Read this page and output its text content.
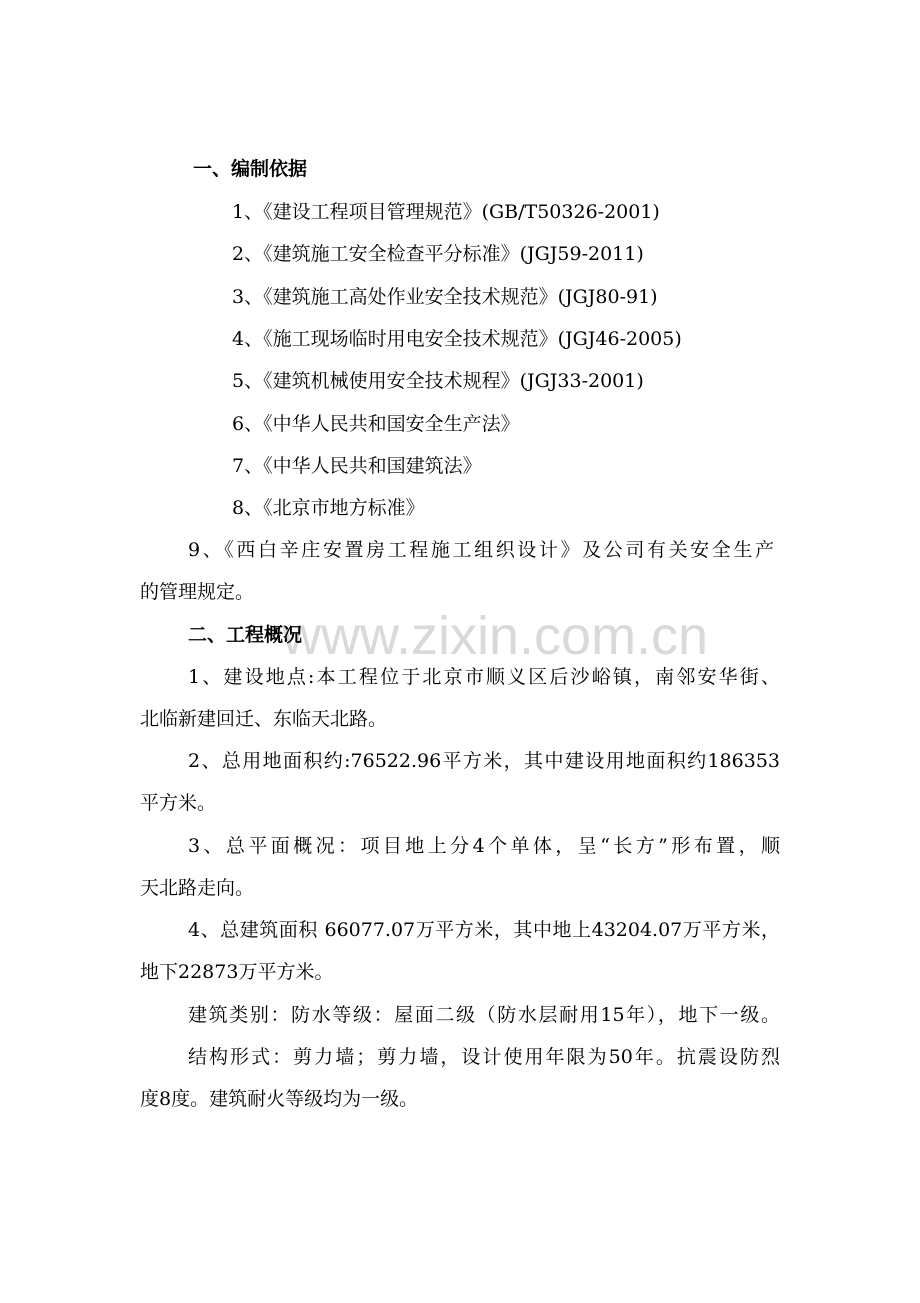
www.zixin.com.cn
一、编制依据
1、《建设工程项目管理规范》(GB/T50326-2001)
2、《建筑施工安全检查平分标准》(JGJ59-2011)
3、《建筑施工高处作业安全技术规范》(JGJ80-91)
4、《施工现场临时用电安全技术规范》(JGJ46-2005)
5、《建筑机械使用安全技术规程》(JGJ33-2001)
6、《中华人民共和国安全生产法》
7、《中华人民共和国建筑法》
8、《北京市地方标准》
9、《西白辛庄安置房工程施工组织设计》及公司有关安全生产
的管理规定。
二、工程概况
1、建设地点:本工程位于北京市顺义区后沙峪镇，南邻安华街、
北临新建回迁、东临天北路。
2、总用地面积约:76522.96平方米，其中建设用地面积约186353
平方米。
3、总平面概况：项目地上分4个单体，呈“长方”形布置，顺
天北路走向。
4、总建筑面积 66077.07万平方米，其中地上43204.07万平方米，
地下22873万平方米。
建筑类别：防水等级：屋面二级（防水层耐用15年），地下一级。
结构形式：剪力墙；剪力墙，设计使用年限为50年。抗震设防烈
度8度。建筑耐火等级均为一级。
